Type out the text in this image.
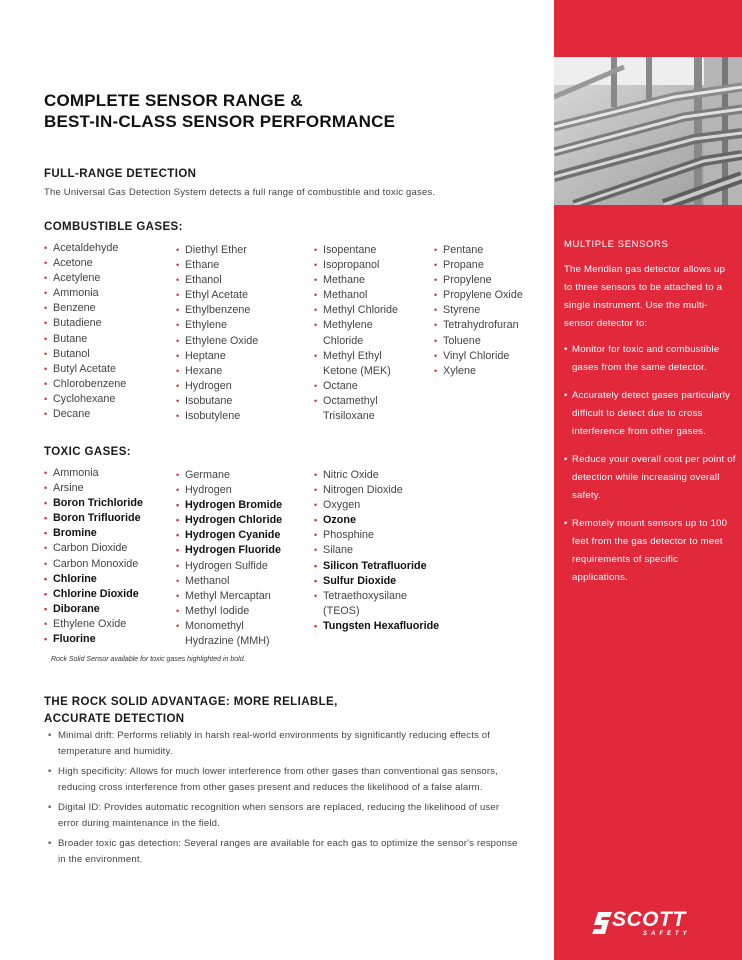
COMPLETE SENSOR RANGE &
BEST-IN-CLASS SENSOR PERFORMANCE
FULL-RANGE DETECTION
The Universal Gas Detection System detects a full range of combustible and toxic gases.
COMBUSTIBLE GASES:
• Acetaldehyde
• Acetone
• Acetylene
• Ammonia
• Benzene
• Butadiene
• Butane
• Butanol
• Butyl Acetate
• Chlorobenzene
• Cyclohexane
• Decane
• Diethyl Ether
• Ethane
• Ethanol
• Ethyl Acetate
• Ethylbenzene
• Ethylene
• Ethylene Oxide
• Heptane
• Hexane
• Hydrogen
• Isobutane
• Isobutylene
• Isopentane
• Isopropanol
• Methane
• Methanol
• Methyl Chloride
• Methylene
Chloride
• Methyl Ethyl
Ketone (MEK)
• Octane
• Octamethyl
Trisiloxane
• Pentane
• Propane
• Propylene
• Propylene Oxide
• Styrene
• Tetrahydrofuran
• Toluene
• Vinyl Chloride
• Xylene
TOXIC GASES:
• Ammonia
• Arsine
• Boron Trichloride
• Boron Trifluoride
• Bromine
• Carbon Dioxide
• Carbon Monoxide
• Chlorine
• Chlorine Dioxide
• Diborane
• Ethylene Oxide
• Fluorine
• Germane
• Hydrogen
• Hydrogen Bromide
• Hydrogen Chloride
• Hydrogen Cyanide
• Hydrogen Fluoride
• Hydrogen Sulfide
• Methanol
• Methyl Mercaptan
• Methyl Iodide
• Monomethyl
Hydrazine (MMH)
• Nitric Oxide
• Nitrogen Dioxide
• Oxygen
• Ozone
• Phosphine
• Silane
• Silicon Tetrafluoride
• Sulfur Dioxide
• Tetraethoxysilane
(TEOS)
• Tungsten Hexafluoride
Rock Solid Sensor available for toxic gases highlighted in bold.
THE ROCK SOLID ADVANTAGE: MORE RELIABLE,
ACCURATE DETECTION
• Minimal drift: Performs reliably in harsh real-world environments by significantly reducing effects of temperature and humidity.
• High specificity: Allows for much lower interference from other gases than conventional gas sensors, reducing cross interference from other gases present and reduces the likelihood of a false alarm.
• Digital ID: Provides automatic recognition when sensors are replaced, reducing the likelihood of user error during maintenance in the field.
• Broader toxic gas detection: Several ranges are available for each gas to optimize the sensor's response in the environment.
MULTIPLE SENSORS
The Meridian gas detector allows up to three sensors to be attached to a single instrument. Use the multi-sensor detector to:
• Monitor for toxic and combustible gases from the same detector.
• Accurately detect gases particularly difficult to detect due to cross interference from other gases.
• Reduce your overall cost per point of detection while increasing overall safety.
• Remotely mount sensors up to 100 feet from the gas detector to meet requirements of specific applications.
SCOTT
SAFETY
